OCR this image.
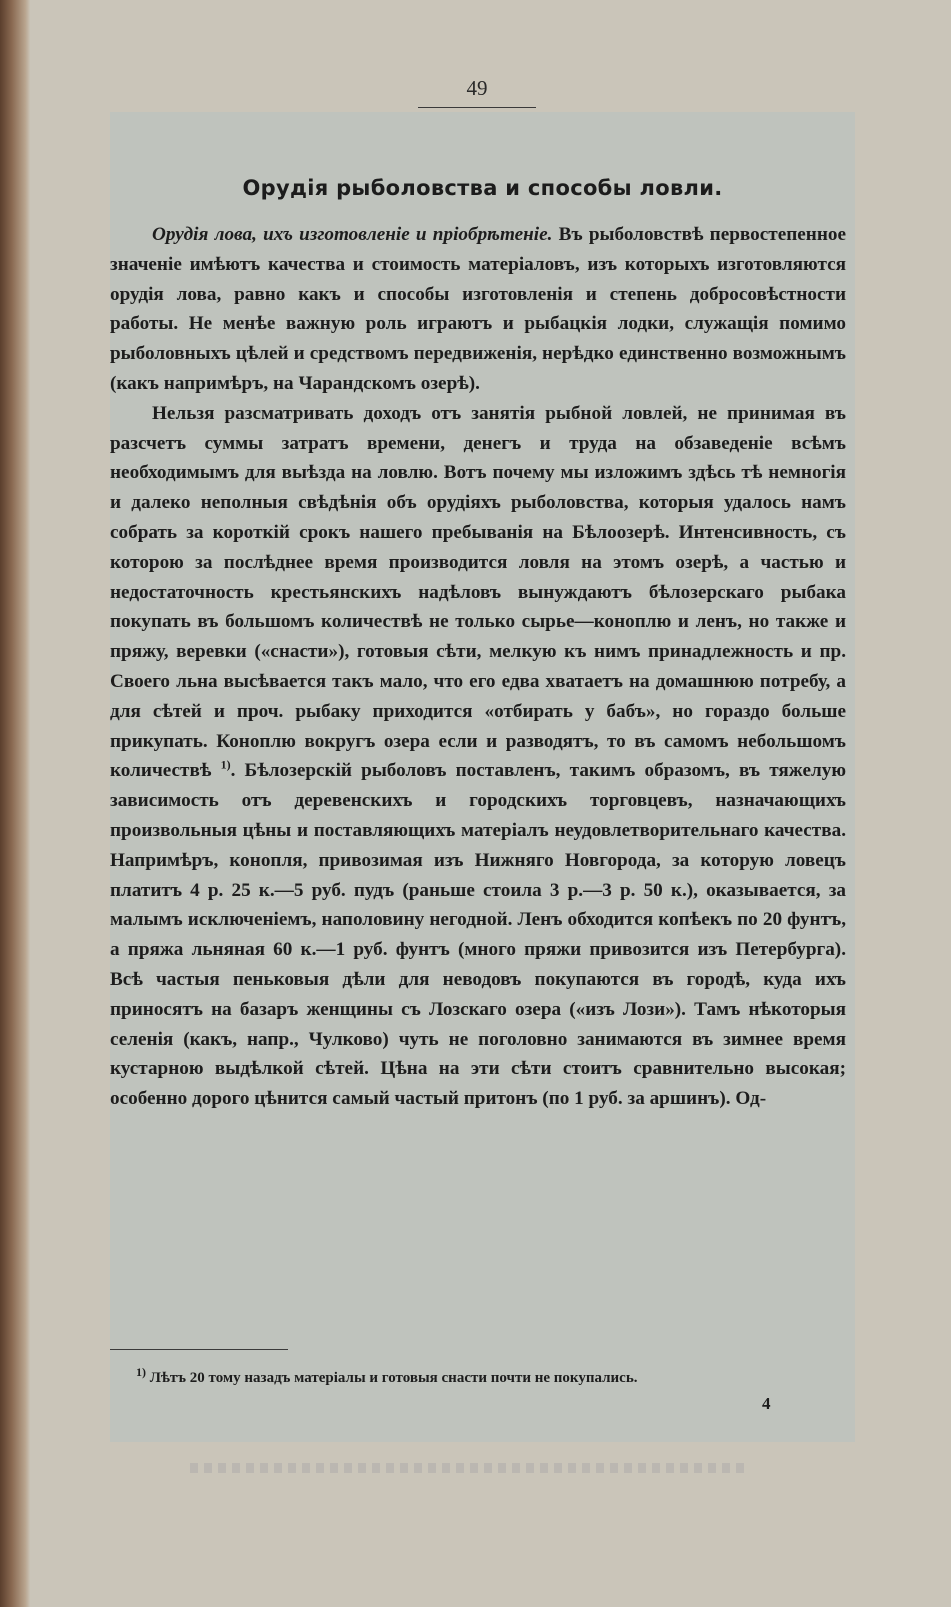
49
Орудія рыболовства и способы ловли.

Орудія лова, ихъ изготовленіе и пріобрѣтеніе. Въ рыболовствѣ первостепенное значеніе имѣютъ качества и стоимость матеріаловъ, изъ которыхъ изготовляются орудія лова, равно какъ и способы изготовленія и степень добросовѣстности работы. Не менѣе важную роль играютъ и рыбацкія лодки, служащія помимо рыболовныхъ цѣлей и средствомъ передвиженія, нерѣдко единственно возможнымъ (какъ напримѣръ, на Чарандскомъ озерѣ).

Нельзя разсматривать доходъ отъ занятія рыбной ловлей, не принимая въ разсчетъ суммы затратъ времени, денегъ и труда на обзаведеніе всѣмъ необходимымъ для выѣзда на ловлю. Вотъ почему мы изложимъ здѣсь тѣ немногія и далеко неполныя свѣдѣнія объ орудіяхъ рыболовства, которыя удалось намъ собрать за короткій срокъ нашего пребыванія на Бѣлоозерѣ. Интенсивность, съ которою за послѣднее время производится ловля на этомъ озерѣ, а частью и недостаточность крестьянскихъ надѣловъ вынуждаютъ бѣлозерскаго рыбака покупать въ большомъ количествѣ не только сырье—коноплю и ленъ, но также и пряжу, веревки («снасти»), готовыя сѣти, мелкую къ нимъ принадлежность и пр. Своего льна высѣвается такъ мало, что его едва хватаетъ на домашнюю потребу, а для сѣтей и проч. рыбаку приходится «отбирать у бабъ», но гораздо больше прикупать. Коноплю вокругъ озера если и разводятъ, то въ самомъ небольшомъ количествѣ $^{1)}$. Бѣлозерскій рыболовъ поставленъ, такимъ образомъ, въ тяжелую зависимость отъ деревенскихъ и городскихъ торговцевъ, назначающихъ произвольныя цѣны и поставляющихъ матеріалъ неудовлетворительнаго качества. Напримѣръ, конопля, привозимая изъ Нижняго Новгорода, за которую ловецъ платитъ 4 р. 25 к.—5 руб. пудъ (раньше стоила 3 р.—3 р. 50 к.), оказывается, за малымъ исключеніемъ, наполовину негодной. Ленъ обходится копѣекъ по 20 фунтъ, а пряжа льняная 60 к.—1 руб. фунтъ (много пряжи привозится изъ Петербурга). Всѣ частыя пеньковыя дѣли для неводовъ покупаются въ городѣ, куда ихъ приносятъ на базаръ женщины съ Лозскаго озера («изъ Лози»). Тамъ нѣкоторыя селенія (какъ, напр., Чулково) чуть не поголовно занимаются въ зимнее время кустарною выдѣлкой сѣтей. Цѣна на эти сѣти стоитъ сравнительно высокая; особенно дорого цѣнится самый частый притонъ (по 1 руб. за аршинъ). Од-

$^{1)}$ Лѣтъ 20 тому назадъ матеріалы и готовыя снасти почти не покупались.
4
